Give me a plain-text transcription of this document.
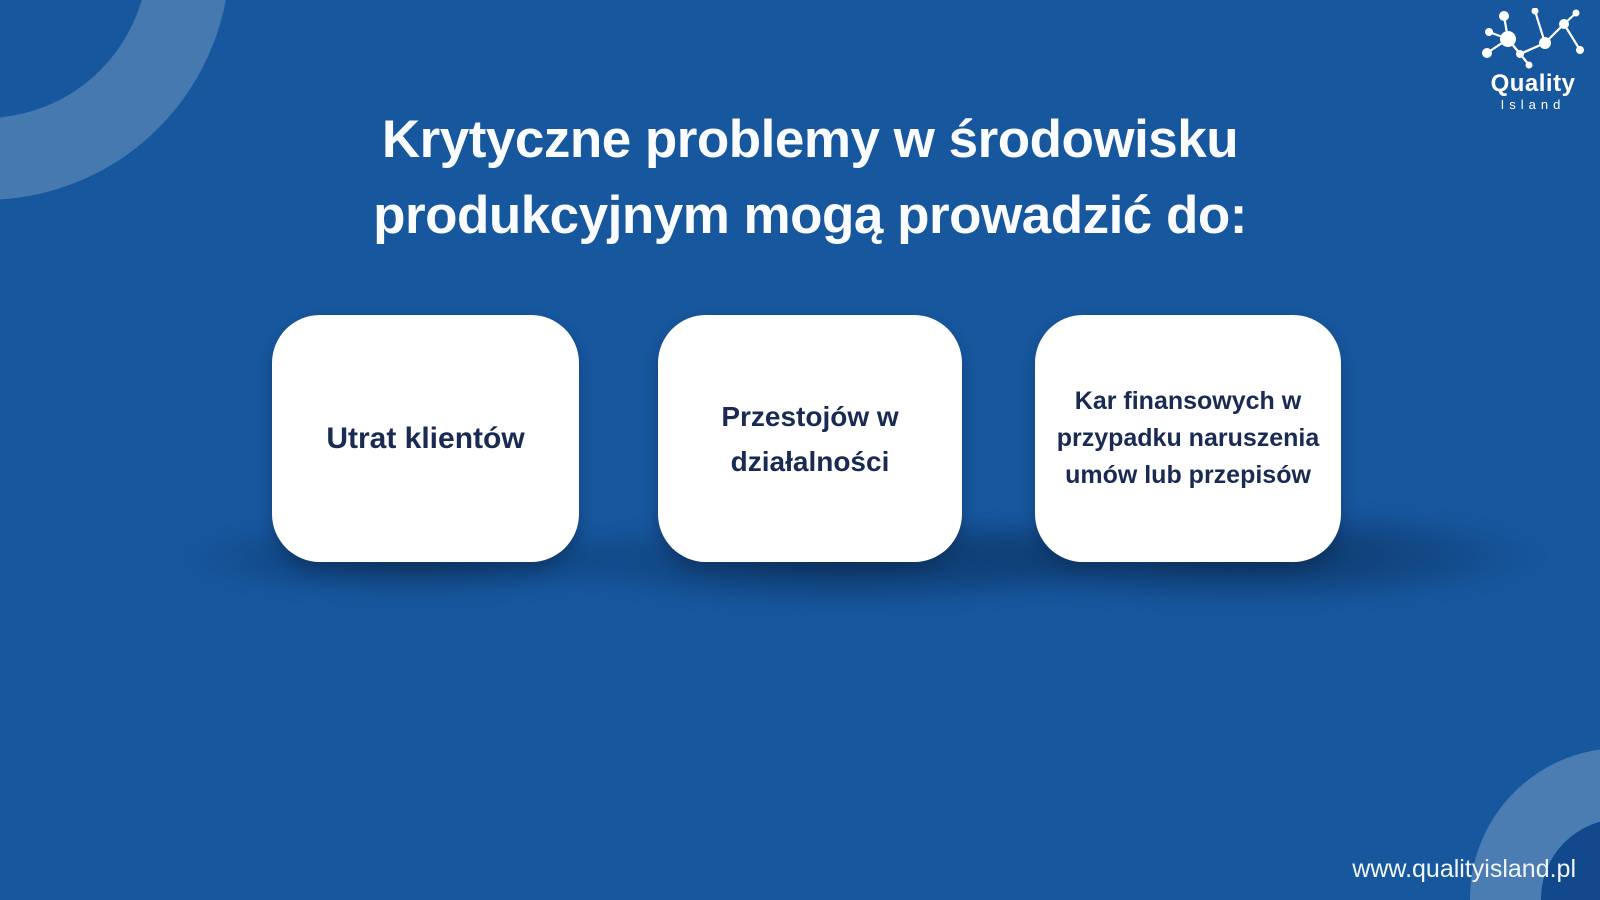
Krytyczne problemy w środowisku
produkcyjnym mogą prowadzić do:

Utrat klientów

Przestojów w działalności

Kar finansowych w przypadku naruszenia umów lub przepisów

Quality
Island
www.qualityisland.pl
